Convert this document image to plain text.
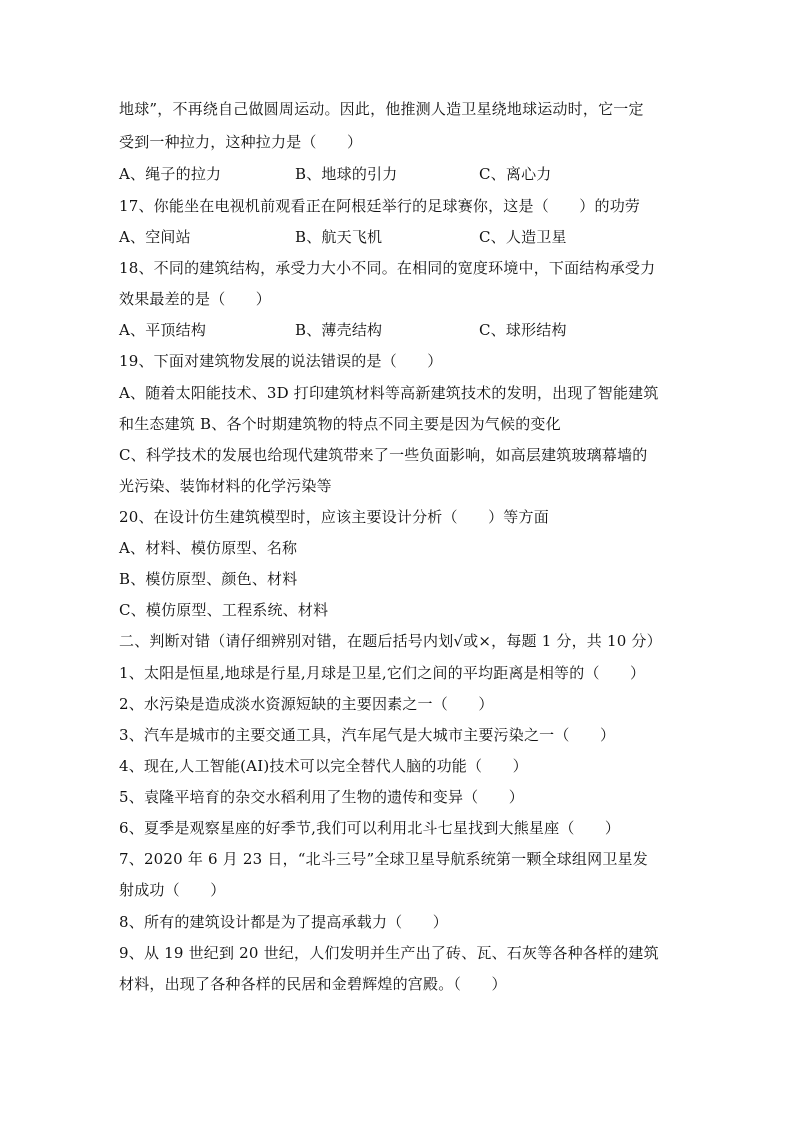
地球”，不再绕自己做圆周运动。因此，他推测人造卫星绕地球运动时，它一定
受到一种拉力，这种拉力是（　　）
A、绳子的拉力	B、地球的引力	C、离心力
17、你能坐在电视机前观看正在阿根廷举行的足球赛你，这是（　　）的功劳
A、空间站	B、航天飞机	C、人造卫星
18、不同的建筑结构，承受力大小不同。在相同的宽度环境中，下面结构承受力
效果最差的是（　　）
A、平顶结构	B、薄壳结构	C、球形结构
19、下面对建筑物发展的说法错误的是（　　）
A、随着太阳能技术、3D 打印建筑材料等高新建筑技术的发明，出现了智能建筑
和生态建筑 B、各个时期建筑物的特点不同主要是因为气候的变化
C、科学技术的发展也给现代建筑带来了一些负面影响，如高层建筑玻璃幕墙的
光污染、装饰材料的化学污染等
20、在设计仿生建筑模型时，应该主要设计分析（　　）等方面
A、材料、模仿原型、名称
B、模仿原型、颜色、材料
C、模仿原型、工程系统、材料
二、判断对错（请仔细辨别对错，在题后括号内划√或×，每题 1 分，共 10 分）
1、太阳是恒星,地球是行星,月球是卫星,它们之间的平均距离是相等的（　　）
2、水污染是造成淡水资源短缺的主要因素之一（　　）
3、汽车是城市的主要交通工具，汽车尾气是大城市主要污染之一（　　）
4、现在,人工智能(AI)技术可以完全替代人脑的功能（　　）
5、袁隆平培育的杂交水稻利用了生物的遗传和变异（　　）
6、夏季是观察星座的好季节,我们可以利用北斗七星找到大熊星座（　　）
7、2020 年 6 月 23 日，“北斗三号”全球卫星导航系统第一颗全球组网卫星发
射成功（　　）
8、所有的建筑设计都是为了提高承载力（　　）
9、从 19 世纪到 20 世纪，人们发明并生产出了砖、瓦、石灰等各种各样的建筑
材料，出现了各种各样的民居和金碧辉煌的宫殿。（　　）
